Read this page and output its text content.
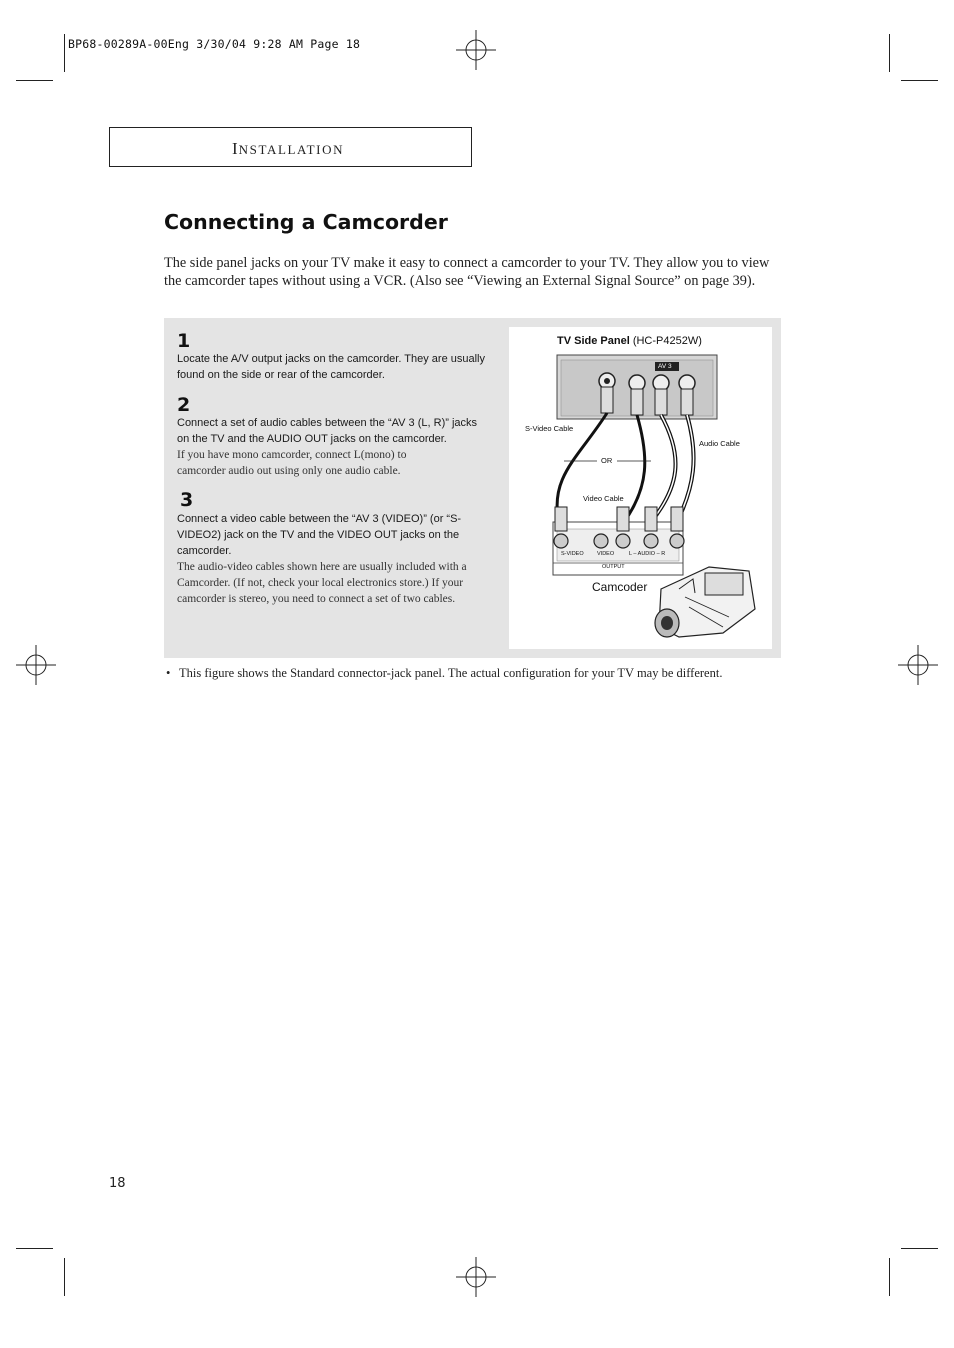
BP68-00289A-00Eng 3/30/04 9:28 AM Page 18
INSTALLATION
Connecting a Camcorder

The side panel jacks on your TV make it easy to connect a camcorder to your TV. They allow you to view the camcorder tapes without using a VCR. (Also see “Viewing an External Signal Source” on page 39).

1
Locate the A/V output jacks on the camcorder. They are usually found on the side or rear of the camcorder.
2
Connect a set of audio cables between the “AV 3 (L, R)” jacks on the TV and the AUDIO OUT jacks on the camcorder.
If you have mono camcorder, connect L(mono) to camcorder audio out using only one audio cable.
3
Connect a video cable between the “AV 3 (VIDEO)” (or “S-VIDEO2) jack on the TV and the VIDEO OUT jacks on the camcorder.
The audio-video cables shown here are usually included with a Camcorder. (If not, check your local electronics store.) If your camcorder is stereo, you need to connect a set of two cables.
TV Side Panel (HC-P4252W)
AV 3
S-Video Cable
Audio Cable
OR
Video Cable
S-VIDEO VIDEO	L – AUDIO – R
OUTPUT
Camcoder
• This figure shows the Standard connector-jack panel. The actual configuration for your TV may be different.
18
